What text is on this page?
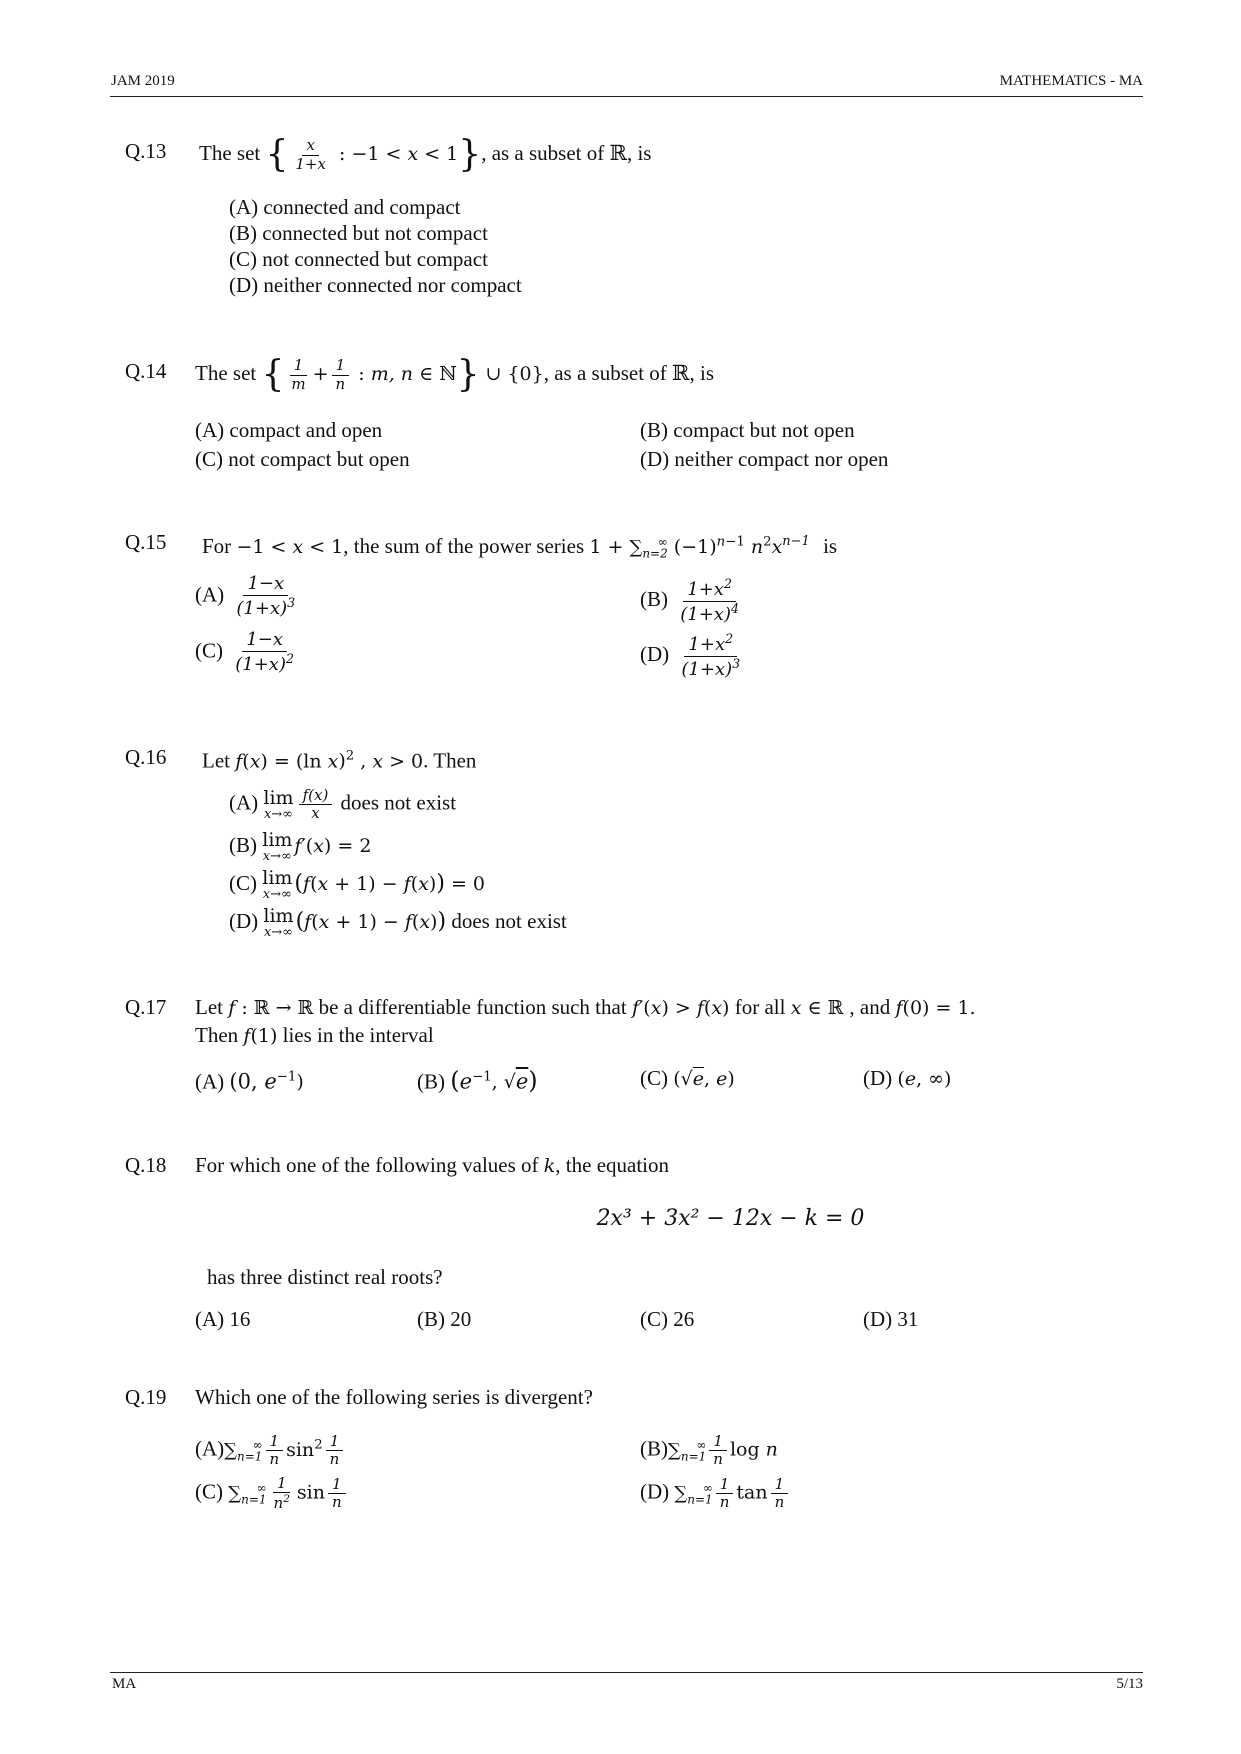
JAM 2019	MATHEMATICS - MA
Q.13 The set { $\frac{x}{1+x}$ : −1 < x < 1}, as a subset of ℝ, is
(A) connected and compact
(B) connected but not compact
(C) not connected but compact
(D) neither connected nor compact
Q.14 The set { $\frac{1}{m} + \frac{1}{n}$ : m, n ∈ ℕ} ∪ {0}, as a subset of ℝ, is
(A) compact and open	(B) compact but not open
(C) not compact but open	(D) neither compact nor open
Q.15 For −1 < x < 1, the sum of the power series $1 + \sum_{n=2}^\infty$ $(-1)^{n-1}$ $n^2x^{n-1}$ is
$(A) \frac{1-x}{(1+x)^3}$	$(B) \frac{1+x^2}{(1+x)^4}$
$(C) \frac{1-x}{(1+x)^2}$	$(D) \frac{1+x^2}{(1+x)^3}$
Q.16 Let f(x) = (ln x)$^2$ , x > 0. Then
(A) lim
$x\to\infty \frac{f(x)}{x}$ does not exist
(B) lim
x→∞ f′(x) = 2
(C) lim
x→∞ (f(x + 1) − f(x)) = 0
(D) lim
x→∞ (f(x + 1) − f(x)) does not exist
Q.17 Let f : ℝ → ℝ be a differentiable function such that f′(x) > f(x) for all x ∈ ℝ , and f(0) = 1.
Then f(1) lies in the interval
(A) (0, $e^{-1}$)	(B) ($e^{-1}$, √e)	(C) (√e, e)	(D) (e, ∞)
Q.18 For which one of the following values of k, the equation
2x³ + 3x² − 12x − k = 0
has three distinct real roots?
(A) 16	(B) 20	(C) 26	(D) 31
Q.19 Which one of the following series is divergent?
$(A)\sum_{n=1}^\infty \frac{1}{n} \sin^2 \frac{1}{n}$	$(B)\sum_{n=1}^\infty \frac{1}{n}$ log n
(C) $\sum_{n=1}^\infty \frac{1}{n^2}$ $\sin \frac{1}{n}$	(D) $\sum_{n=1}^\infty \frac{1}{n}$ $\tan \frac{1}{n}$
MA	5/13
